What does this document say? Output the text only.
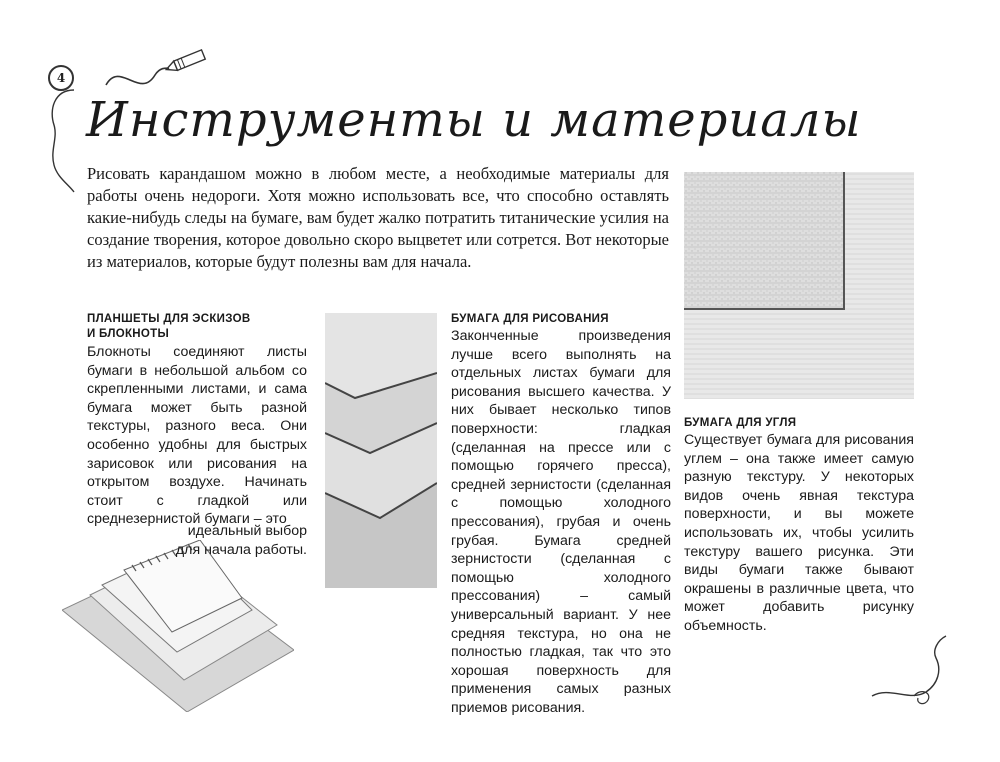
4
Инструменты и материалы
Рисовать карандашом можно в любом месте, а необходимые материалы для работы очень недороги. Хотя можно использовать все, что способно оставлять какие-нибудь следы на бумаге, вам будет жалко потратить титанические усилия на создание творения, которое довольно скоро выцветет или сотрется. Вот некоторые из материалов, которые будут полезны вам для начала.
ПЛАНШЕТЫ ДЛЯ ЭСКИЗОВ
И БЛОКНОТЫ
Блокноты соединяют листы бумаги в небольшой альбом со скрепленными листами, и сама бумага может быть разной текстуры, разного веса. Они особенно удобны для быстрых зарисовок или рисования на открытом воздухе. Начинать стоит с гладкой или среднезернистой бумаги – это
идеальный выбор для начала работы.
БУМАГА ДЛЯ РИСОВАНИЯ
Законченные произведения лучше всего выполнять на отдельных листах бумаги для рисования высшего качества. У них бывает несколько типов поверхности: гладкая (сделанная на прессе или с помощью горячего пресса), средней зернистости (сделанная с помощью холодного прессования), грубая и очень грубая. Бумага средней зернистости (сделанная с помощью холодного прессования) – самый универсальный вариант. У нее средняя текстура, но она не полностью гладкая, так что это хорошая поверхность для применения самых разных приемов рисования.
БУМАГА ДЛЯ УГЛЯ
Существует бумага для рисования углем – она также имеет самую разную текстуру. У некоторых видов очень явная текстура поверхности, и вы можете использовать их, чтобы усилить текстуру вашего рисунка. Эти виды бумаги также бывают окрашены в различные цвета, что может добавить рисунку объемность.
